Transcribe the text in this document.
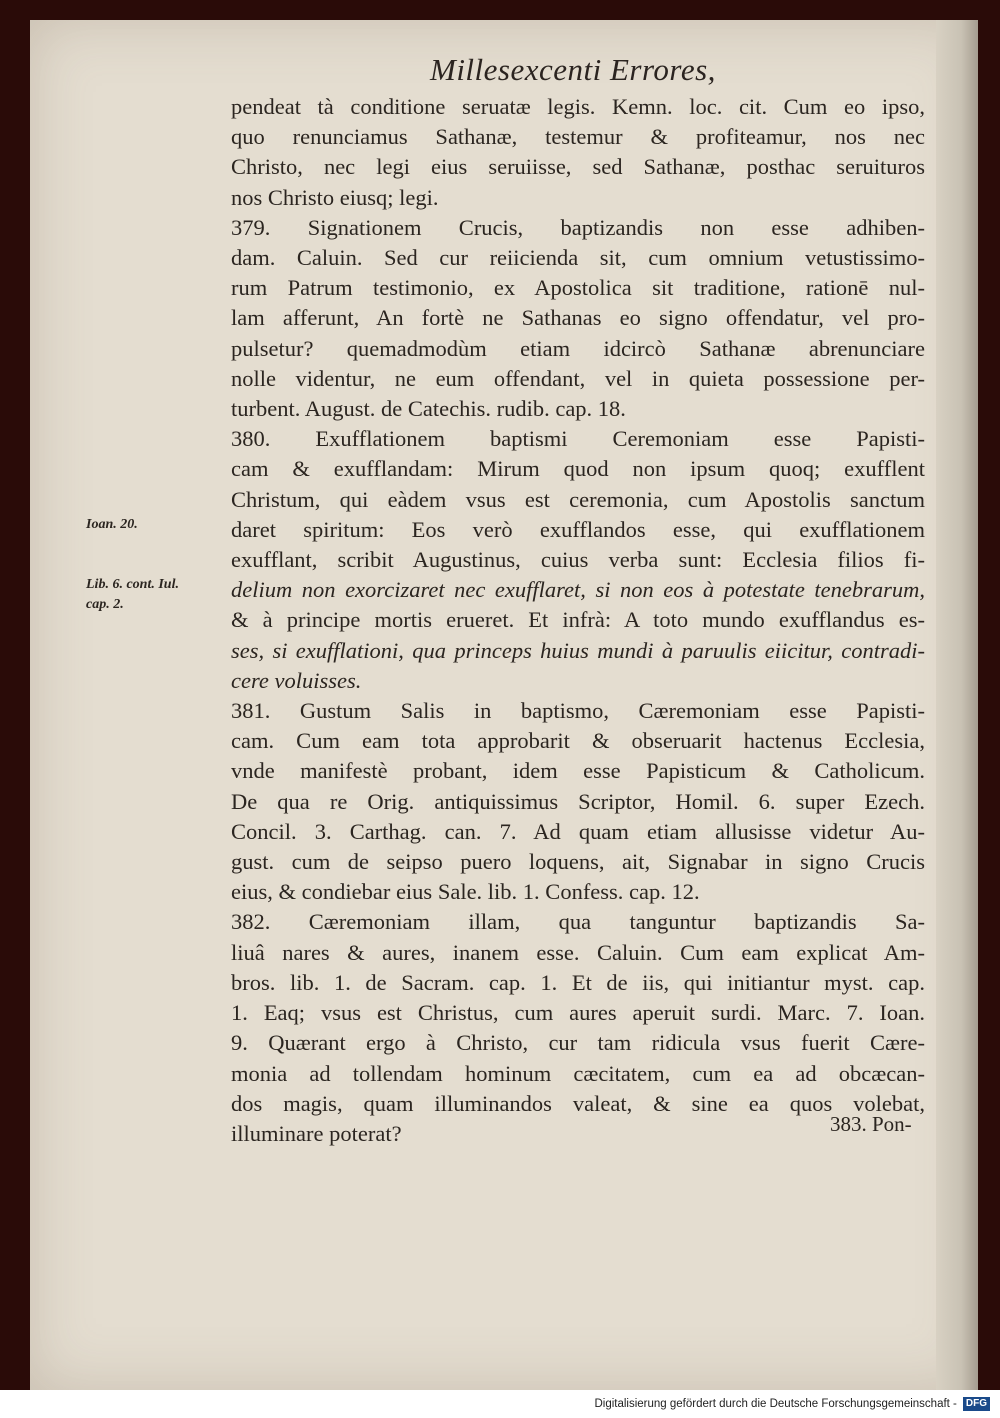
Millesexcenti Errores,
pendeat tà conditione seruatæ legis. Kemn. loc. cit. Cum eo ipso,
quo renunciamus Sathanæ, testemur & profiteamur, nos nec
Christo, nec legi eius seruiisse, sed Sathanæ, posthac seruituros
nos Christo eiusq; legi.
379. Signationem Crucis, baptizandis non esse adhiben-
dam. Caluin. Sed cur reiicienda sit, cum omnium vetustissimo-
rum Patrum testimonio, ex Apostolica sit traditione, rationē nul-
lam afferunt, An fortè ne Sathanas eo signo offendatur, vel pro-
pulsetur? quemadmodùm etiam idcircò Sathanæ abrenunciare
nolle videntur, ne eum offendant, vel in quieta possessione per-
turbent. August. de Catechis. rudib. cap. 18.
380. Exufflationem baptismi Ceremoniam esse Papisti-
cam & exufflandam: Mirum quod non ipsum quoq; exufflent
Christum, qui eàdem vsus est ceremonia, cum Apostolis sanctum
daret spiritum: Eos verò exufflandos esse, qui exufflationem
exufflant, scribit Augustinus, cuius verba sunt: Ecclesia filios fi-
delium non exorcizaret nec exufflaret, si non eos à potestate tenebrarum,
& à principe mortis erueret. Et infrà: A toto mundo exufflandus es-
ses, si exufflationi, qua princeps huius mundi à paruulis eiicitur, contradi-
cere voluisses.
381. Gustum Salis in baptismo, Cæremoniam esse Papisti-
cam. Cum eam tota approbarit & obseruarit hactenus Ecclesia,
vnde manifestè probant, idem esse Papisticum & Catholicum.
De qua re Orig. antiquissimus Scriptor, Homil. 6. super Ezech.
Concil. 3. Carthag. can. 7. Ad quam etiam allusisse videtur Au-
gust. cum de seipso puero loquens, ait, Signabar in signo Crucis
eius, & condiebar eius Sale. lib. 1. Confess. cap. 12.
382. Cæremoniam illam, qua tanguntur baptizandis Sa-
liuâ nares & aures, inanem esse. Caluin. Cum eam explicat Am-
bros. lib. 1. de Sacram. cap. 1. Et de iis, qui initiantur myst. cap.
1. Eaq; vsus est Christus, cum aures aperuit surdi. Marc. 7. Ioan.
9. Quærant ergo à Christo, cur tam ridicula vsus fuerit Cære-
monia ad tollendam hominum cæcitatem, cum ea ad obcæcan-
dos magis, quam illuminandos valeat, & sine ea quos volebat,
illuminare poterat?
Ioan. 20.
Lib. 6. cont. Iul.
cap. 2.
383. Pon-
Digitalisierung gefördert durch die Deutsche Forschungsgemeinschaft - DFG
